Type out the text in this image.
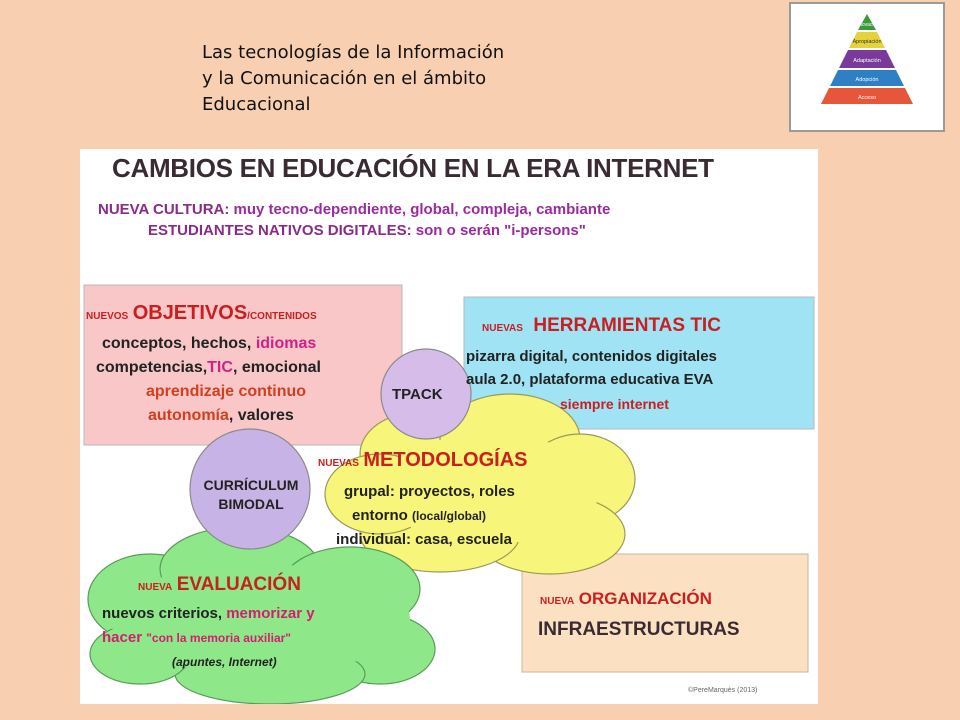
Las tecnologías de la Información
y la Comunicación en el ámbito
Educacional
Innovación
Apropiación
Adaptación
Adopción
Acceso
CAMBIOS EN EDUCACIÓN EN LA ERA INTERNET
NUEVA CULTURA: muy tecno-dependiente, global, compleja, cambiante
ESTUDIANTES NATIVOS DIGITALES: son o serán "i-persons"
NUEVOS OBJETIVOS/CONTENIDOS
conceptos, hechos, idiomas
competencias,TIC, emocional
aprendizaje continuo
autonomía, valores
NUEVAS HERRAMIENTAS TIC
pizarra digital, contenidos digitales
aula 2.0, plataforma educativa EVA
siempre internet
TPACK
CURRÍCULUM
BIMODAL
NUEVAS METODOLOGÍAS
grupal: proyectos, roles
entorno (local/global)
individual: casa, escuela
NUEVA EVALUACIÓN
nuevos criterios, memorizar y
hacer "con la memoria auxiliar"
(apuntes, Internet)
NUEVA ORGANIZACIÓN
INFRAESTRUCTURAS
©PereMarquès (2013)
